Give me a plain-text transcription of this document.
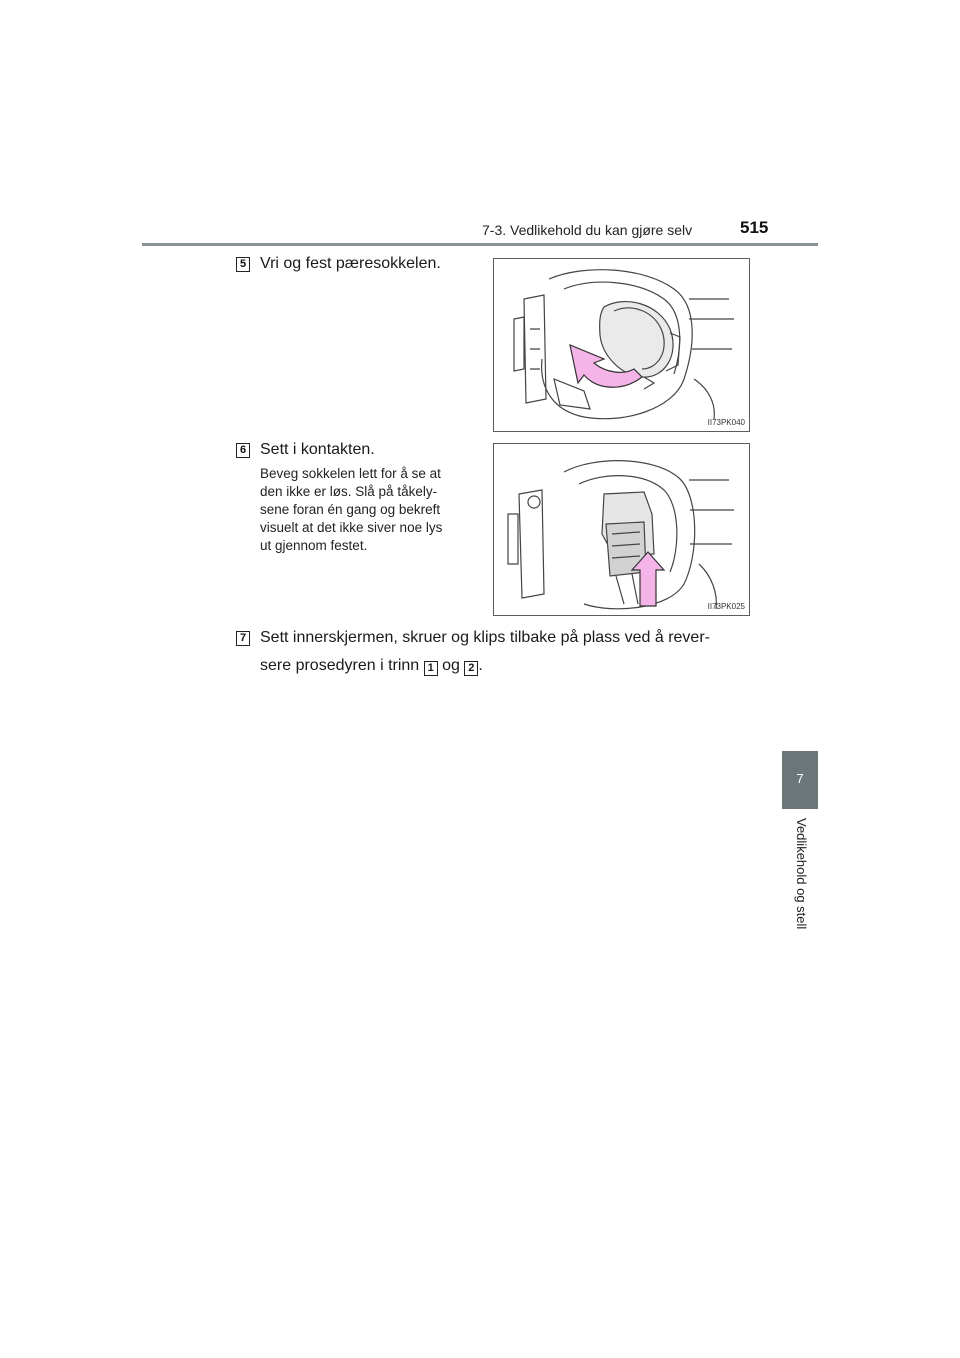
7-3. Vedlikehold du kan gjøre selv	515
7
Vedlikehold og stell
5 Vri og fest pæresokkelen.
II73PK040
6 Sett i kontakten.
Beveg sokkelen lett for å se at
den ikke er løs. Slå på tåkely-
sene foran én gang og bekreft
visuelt at det ikke siver noe lys
ut gjennom festet.
II73PK025
7 Sett innerskjermen, skruer og klips tilbake på plass ved å rever-
sere prosedyren i trinn 1 og 2 .
